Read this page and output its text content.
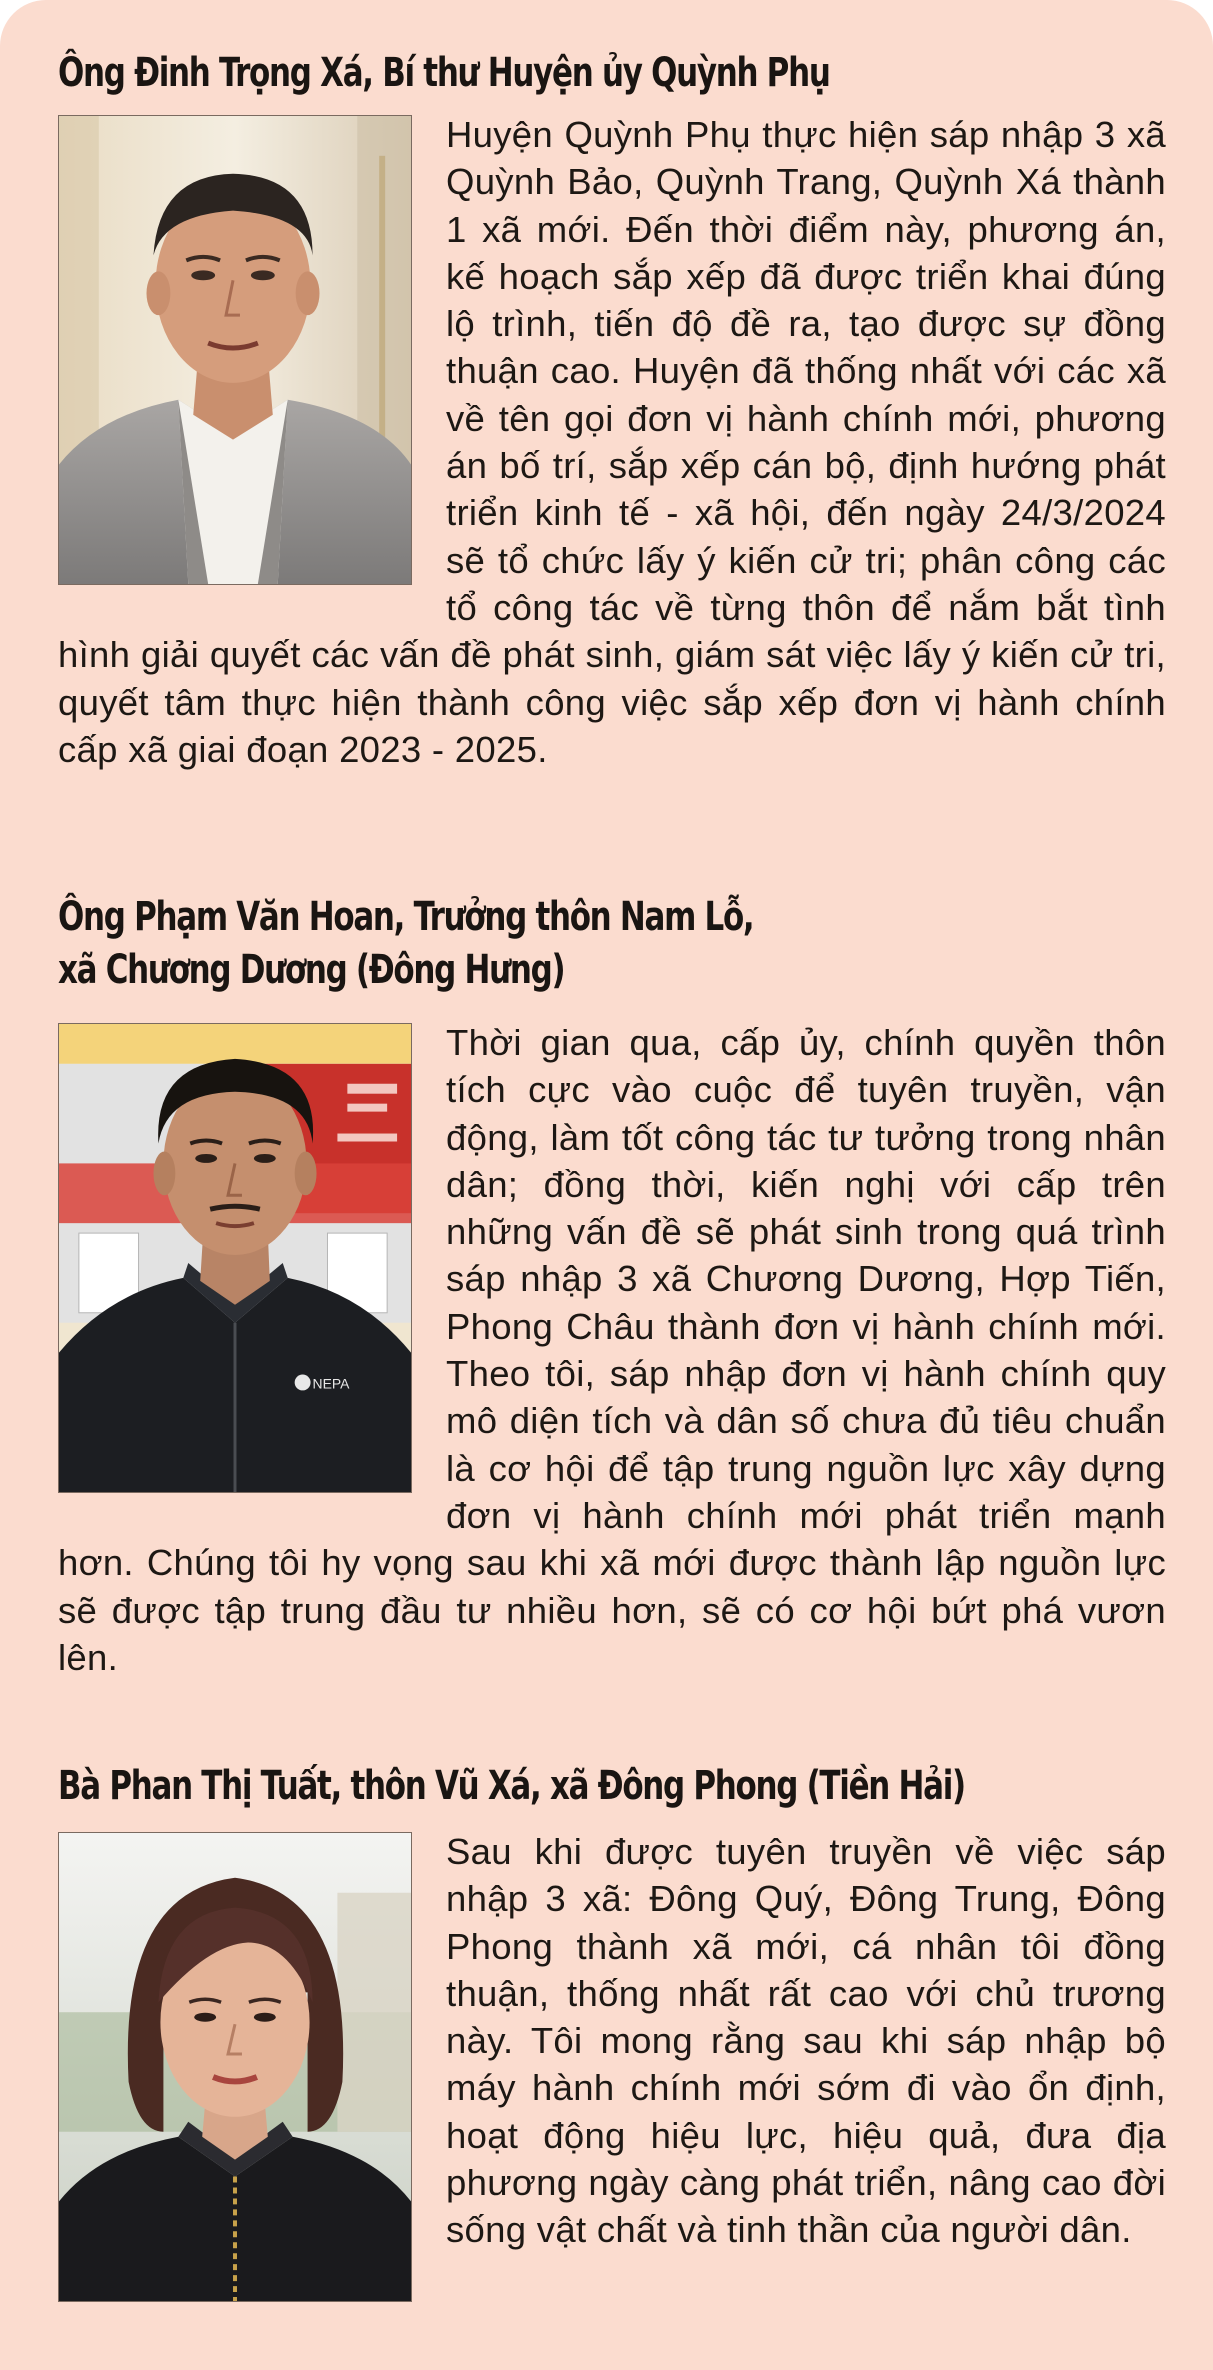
Ông Đinh Trọng Xá, Bí thư Huyện ủy Quỳnh Phụ

Huyện Quỳnh Phụ thực hiện sáp nhập 3 xã Quỳnh Bảo, Quỳnh Trang, Quỳnh Xá thành 1 xã mới. Đến thời điểm này, phương án, kế hoạch sắp xếp đã được triển khai đúng lộ trình, tiến độ đề ra, tạo được sự đồng thuận cao. Huyện đã thống nhất với các xã về tên gọi đơn vị hành chính mới, phương án bố trí, sắp xếp cán bộ, định hướng phát triển kinh tế - xã hội, đến ngày 24/3/2024 sẽ tổ chức lấy ý kiến cử tri; phân công các tổ công tác về từng thôn để nắm bắt tình hình giải quyết các vấn đề phát sinh, giám sát việc lấy ý kiến cử tri, quyết tâm thực hiện thành công việc sắp xếp đơn vị hành chính cấp xã giai đoạn 2023 - 2025.

Ông Phạm Văn Hoan, Trưởng thôn Nam Lỗ,
xã Chương Dương (Đông Hưng)
NEPA

Thời gian qua, cấp ủy, chính quyền thôn tích cực vào cuộc để tuyên truyền, vận động, làm tốt công tác tư tưởng trong nhân dân; đồng thời, kiến nghị với cấp trên những vấn đề sẽ phát sinh trong quá trình sáp nhập 3 xã Chương Dương, Hợp Tiến, Phong Châu thành đơn vị hành chính mới. Theo tôi, sáp nhập đơn vị hành chính quy mô diện tích và dân số chưa đủ tiêu chuẩn là cơ hội để tập trung nguồn lực xây dựng đơn vị hành chính mới phát triển mạnh hơn. Chúng tôi hy vọng sau khi xã mới được thành lập nguồn lực sẽ được tập trung đầu tư nhiều hơn, sẽ có cơ hội bứt phá vươn lên.

Bà Phan Thị Tuất, thôn Vũ Xá, xã Đông Phong (Tiền Hải)

Sau khi được tuyên truyền về việc sáp nhập 3 xã: Đông Quý, Đông Trung, Đông Phong thành xã mới, cá nhân tôi đồng thuận, thống nhất rất cao với chủ trương này. Tôi mong rằng sau khi sáp nhập bộ máy hành chính mới sớm đi vào ổn định, hoạt động hiệu lực, hiệu quả, đưa địa phương ngày càng phát triển, nâng cao đời sống vật chất và tinh thần của người dân.
